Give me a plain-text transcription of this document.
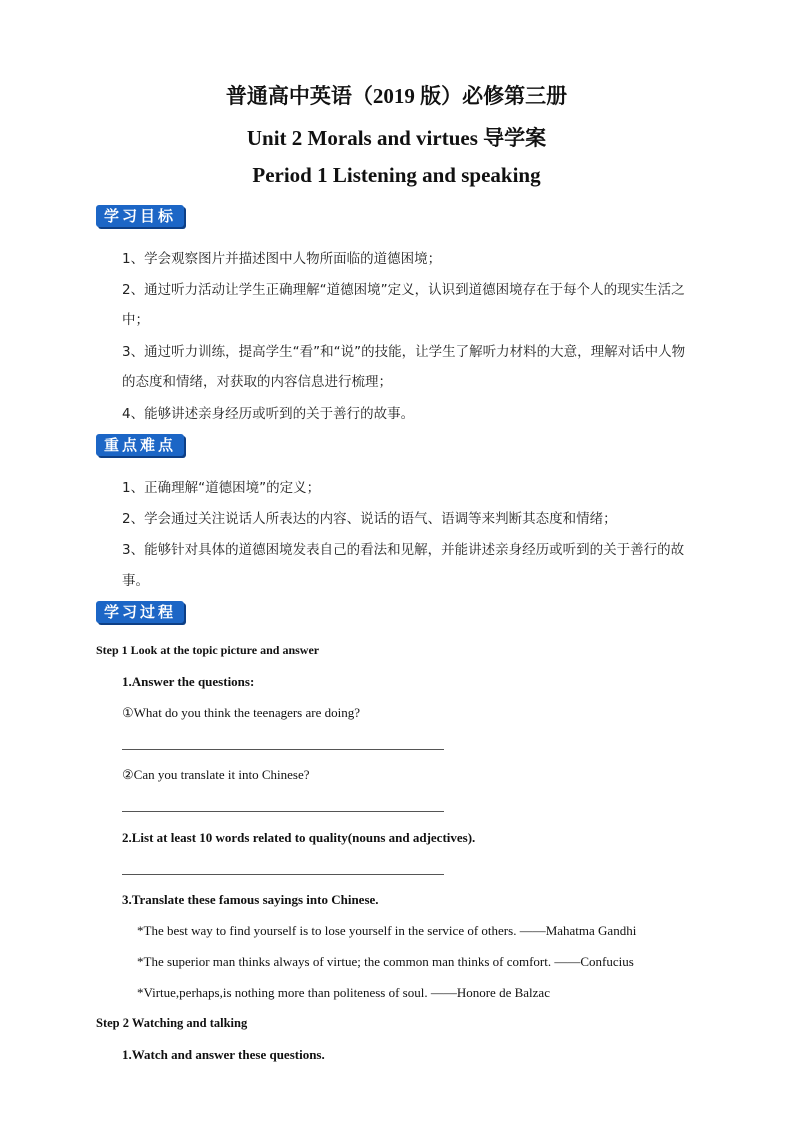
普通高中英语（2019 版）必修第三册
Unit 2 Morals and virtues 导学案
Period 1 Listening and speaking
学习目标
1、学会观察图片并描述图中人物所面临的道德困境；
2、通过听力活动让学生正确理解“道德困境”定义，认识到道德困境存在于每个人的现实生活之
中；
3、通过听力训练，提高学生“看”和“说”的技能，让学生了解听力材料的大意，理解对话中人物
的态度和情绪，对获取的内容信息进行梳理；
4、能够讲述亲身经历或听到的关于善行的故事。
重点难点
1、正确理解“道德困境”的定义；
2、学会通过关注说话人所表达的内容、说话的语气、语调等来判断其态度和情绪；
3、能够针对具体的道德困境发表自己的看法和见解，并能讲述亲身经历或听到的关于善行的故
事。
学习过程
Step 1 Look at the topic picture and answer
1.Answer the questions:
①What do you think the teenagers are doing?
②Can you translate it into Chinese?
2.List at least 10 words related to quality(nouns and adjectives).
3.Translate these famous sayings into Chinese.
*The best way to find yourself is to lose yourself in the service of others. ——Mahatma Gandhi
*The superior man thinks always of virtue; the common man thinks of comfort. ——Confucius
*Virtue,perhaps,is nothing more than politeness of soul. ——Honore de Balzac
Step 2 Watching and talking
1.Watch and answer these questions.
